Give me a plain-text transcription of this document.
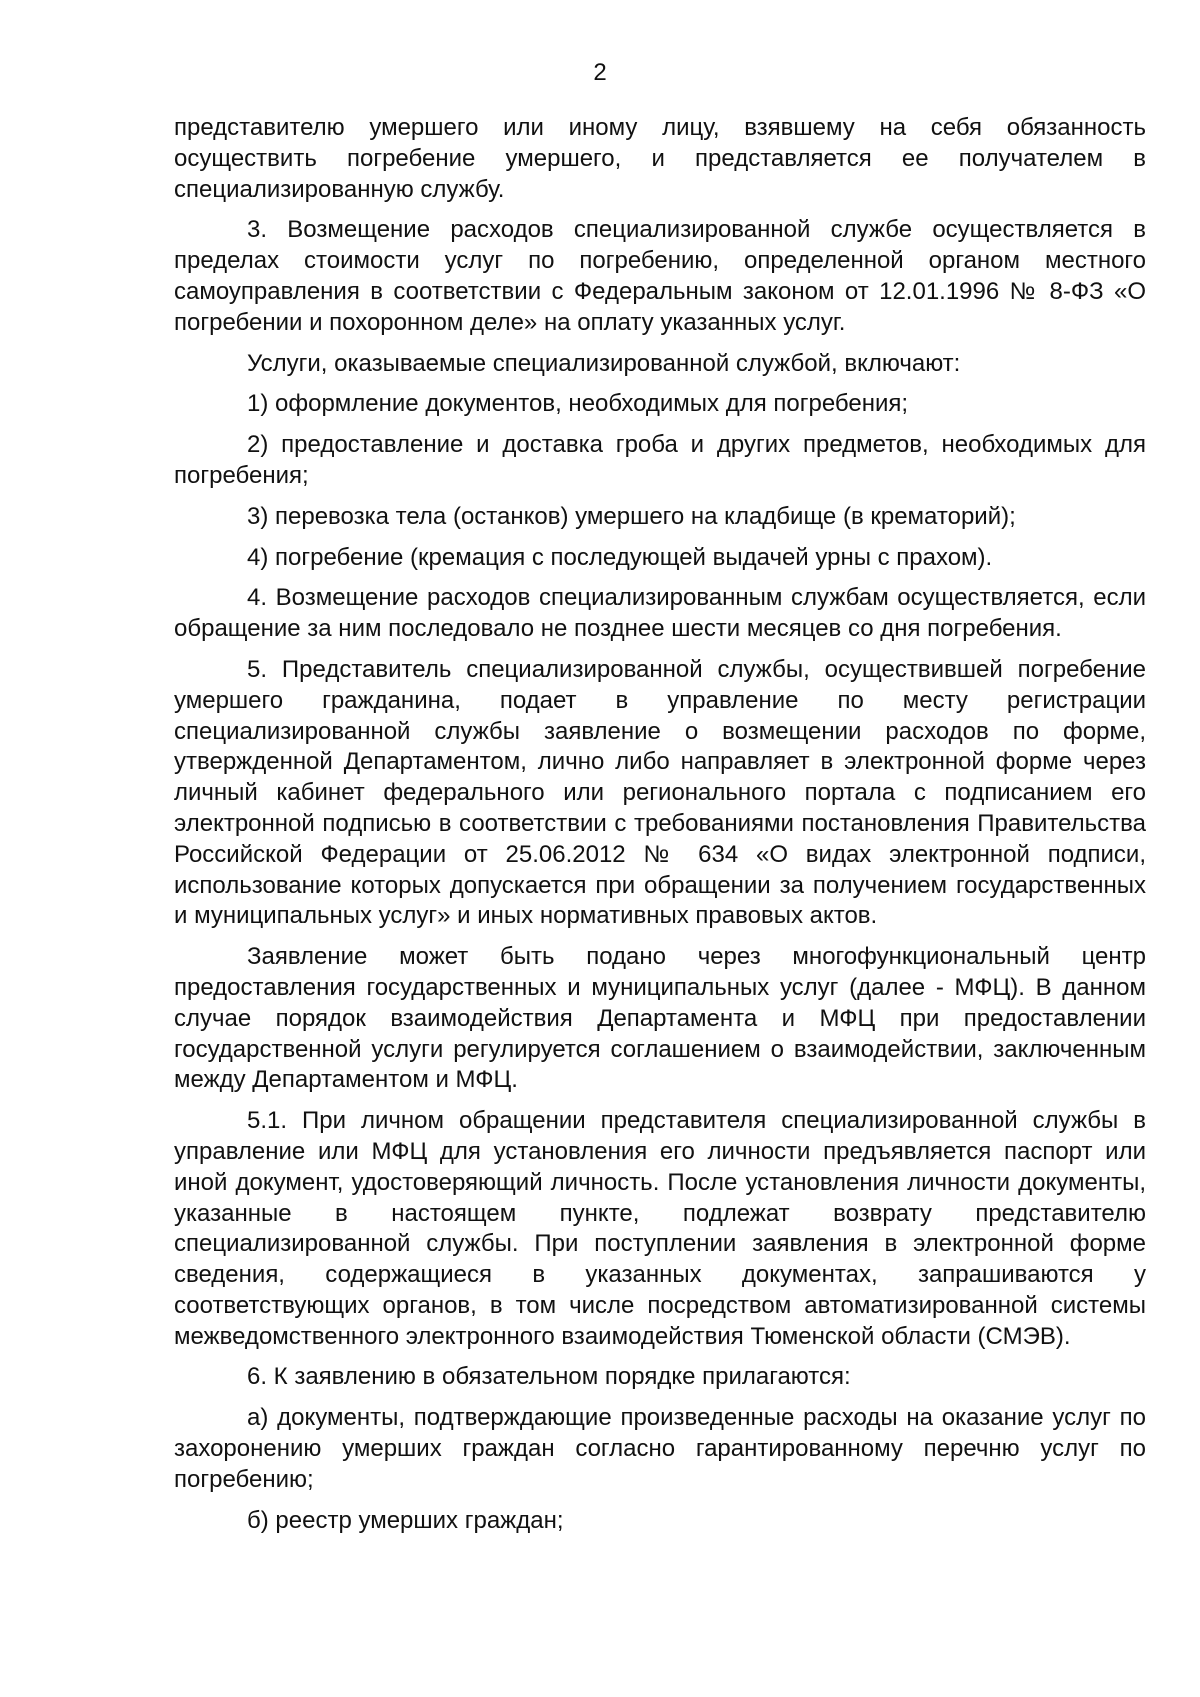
2

представителю умершего или иному лицу, взявшему на себя обязанность осуществить погребение умершего, и представляется ее получателем в специализированную службу.

3. Возмещение расходов специализированной службе осуществляется в пределах стоимости услуг по погребению, определенной органом местного самоуправления в соответствии с Федеральным законом от 12.01.1996 № 8-ФЗ «О погребении и похоронном деле» на оплату указанных услуг.

Услуги, оказываемые специализированной службой, включают:

1) оформление документов, необходимых для погребения;

2) предоставление и доставка гроба и других предметов, необходимых для погребения;

3) перевозка тела (останков) умершего на кладбище (в крематорий);

4) погребение (кремация с последующей выдачей урны с прахом).

4. Возмещение расходов специализированным службам осуществляется, если обращение за ним последовало не позднее шести месяцев со дня погребения.

5. Представитель специализированной службы, осуществившей погребение умершего гражданина, подает в управление по месту регистрации специализированной службы заявление о возмещении расходов по форме, утвержденной Департаментом, лично либо направляет в электронной форме через личный кабинет федерального или регионального портала с подписанием его электронной подписью в соответствии с требованиями постановления Правительства Российской Федерации от 25.06.2012 № 634 «О видах электронной подписи, использование которых допускается при обращении за получением государственных и муниципальных услуг» и иных нормативных правовых актов.

Заявление может быть подано через многофункциональный центр предоставления государственных и муниципальных услуг (далее - МФЦ). В данном случае порядок взаимодействия Департамента и МФЦ при предоставлении государственной услуги регулируется соглашением о взаимодействии, заключенным между Департаментом и МФЦ.

5.1. При личном обращении представителя специализированной службы в управление или МФЦ для установления его личности предъявляется паспорт или иной документ, удостоверяющий личность. После установления личности документы, указанные в настоящем пункте, подлежат возврату представителю специализированной службы. При поступлении заявления в электронной форме сведения, содержащиеся в указанных документах, запрашиваются у соответствующих органов, в том числе посредством автоматизированной системы межведомственного электронного взаимодействия Тюменской области (СМЭВ).

6. К заявлению в обязательном порядке прилагаются:

а) документы, подтверждающие произведенные расходы на оказание услуг по захоронению умерших граждан согласно гарантированному перечню услуг по погребению;

б) реестр умерших граждан;
